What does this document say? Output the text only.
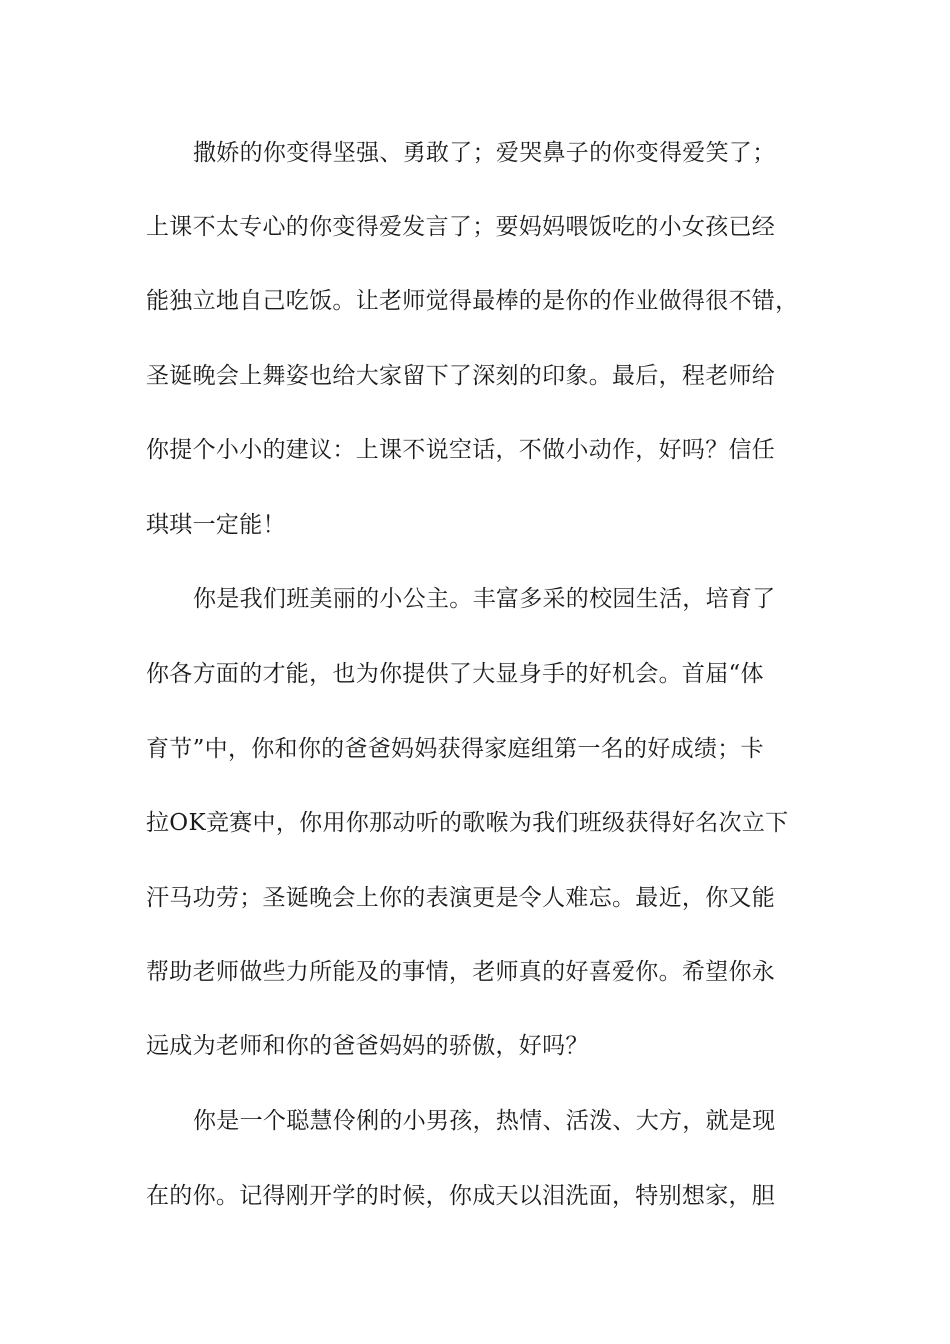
撒娇的你变得坚强、勇敢了；爱哭鼻子的你变得爱笑了；
上课不太专心的你变得爱发言了；要妈妈喂饭吃的小女孩已经
能独立地自己吃饭。让老师觉得最棒的是你的作业做得很不错，
圣诞晚会上舞姿也给大家留下了深刻的印象。最后，程老师给
你提个小小的建议：上课不说空话，不做小动作，好吗？信任
琪琪一定能！
你是我们班美丽的小公主。丰富多采的校园生活，培育了
你各方面的才能，也为你提供了大显身手的好机会。首届“体
育节”中，你和你的爸爸妈妈获得家庭组第一名的好成绩；卡
拉OK竞赛中，你用你那动听的歌喉为我们班级获得好名次立下
汗马功劳；圣诞晚会上你的表演更是令人难忘。最近，你又能
帮助老师做些力所能及的事情，老师真的好喜爱你。希望你永
远成为老师和你的爸爸妈妈的骄傲，好吗？
你是一个聪慧伶俐的小男孩，热情、活泼、大方，就是现
在的你。记得刚开学的时候，你成天以泪洗面，特别想家，胆
